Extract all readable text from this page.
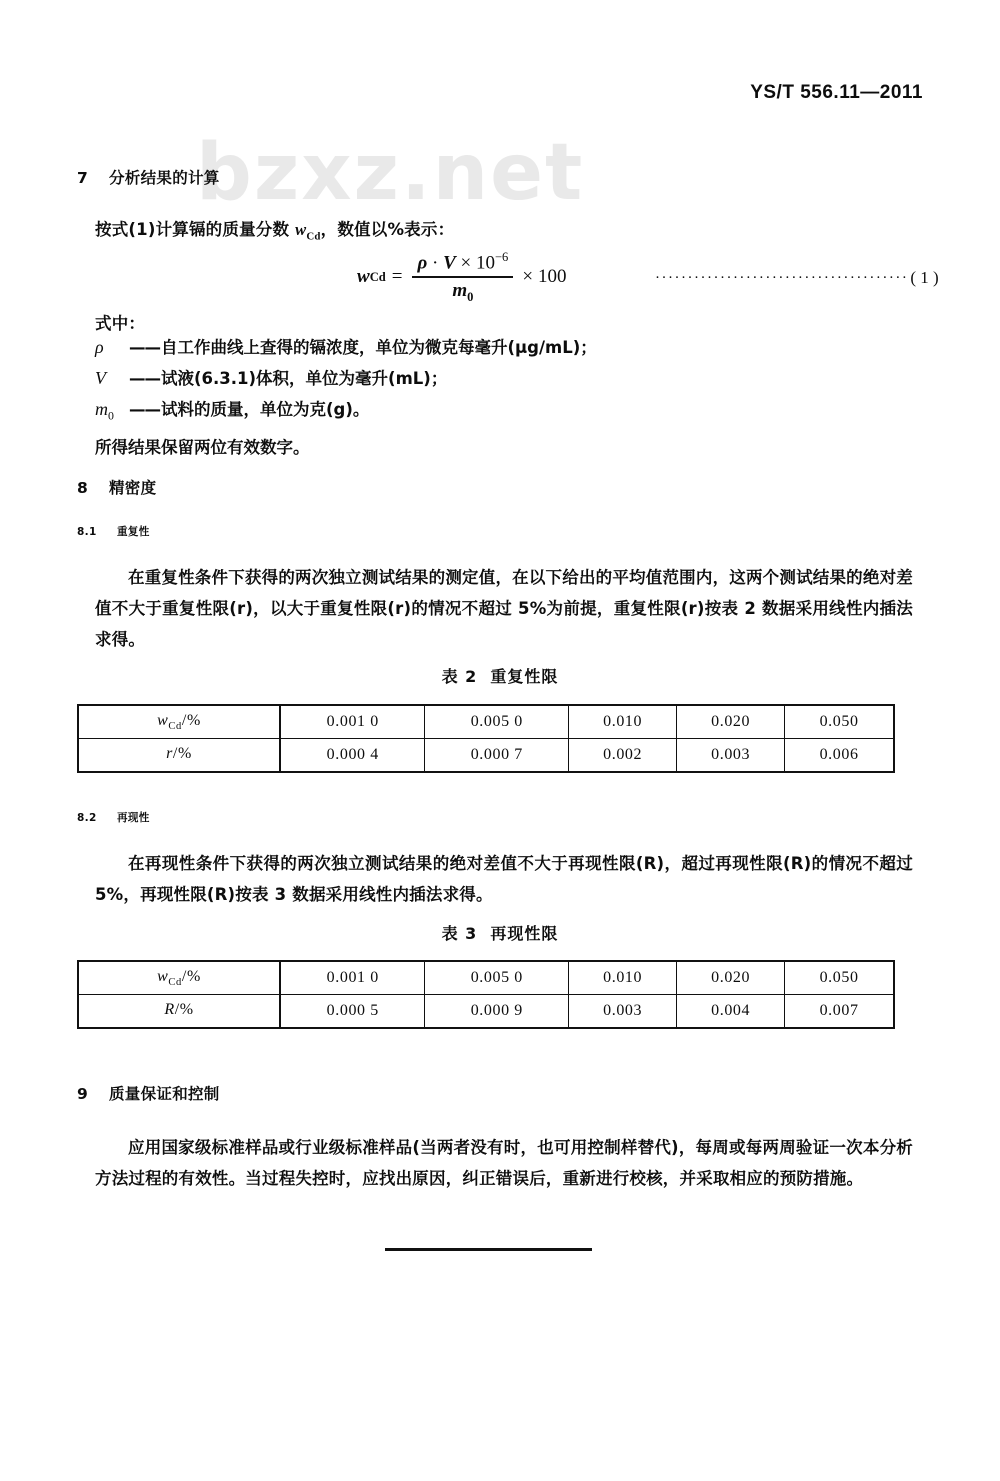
bzxz.net
YS/T 556.11—2011
7 分析结果的计算
按式(1)计算镉的质量分数 $w_{Cd}$，数值以%表示：
w $Cd = \frac{\rho \cdot V \times 10^{-6}}{m_0} \times 100$	······································· ( 1 )
式中：
ρ	—— 自工作曲线上查得的镉浓度，单位为微克每毫升(μg/mL)；
V	—— 试液(6.3.1)体积，单位为毫升(mL)；
$m_0$ —— 试料的质量，单位为克(g)。
所得结果保留两位有效数字。
8 精密度
8.1 重复性
在重复性条件下获得的两次独立测试结果的测定值，在以下给出的平均值范围内，这两个测试结果的绝对差值不大于重复性限(r)，以大于重复性限(r)的情况不超过 5%为前提，重复性限(r)按表 2 数据采用线性内插法求得。
表 2 重复性限
$w_{Cd}/\%$	0.001 0	0.005 0	0.010	0.020	0.050
r/%	0.000 4	0.000 7	0.002	0.003	0.006
8.2 再现性
在再现性条件下获得的两次独立测试结果的绝对差值不大于再现性限(R)，超过再现性限(R)的情况不超过 5%，再现性限(R)按表 3 数据采用线性内插法求得。
表 3 再现性限
$w_{Cd}/\%$	0.001 0	0.005 0	0.010	0.020	0.050
R/%	0.000 5	0.000 9	0.003	0.004	0.007
9 质量保证和控制
应用国家级标准样品或行业级标准样品(当两者没有时，也可用控制样替代)，每周或每两周验证一次本分析方法过程的有效性。当过程失控时，应找出原因，纠正错误后，重新进行校核，并采取相应的预防措施。
